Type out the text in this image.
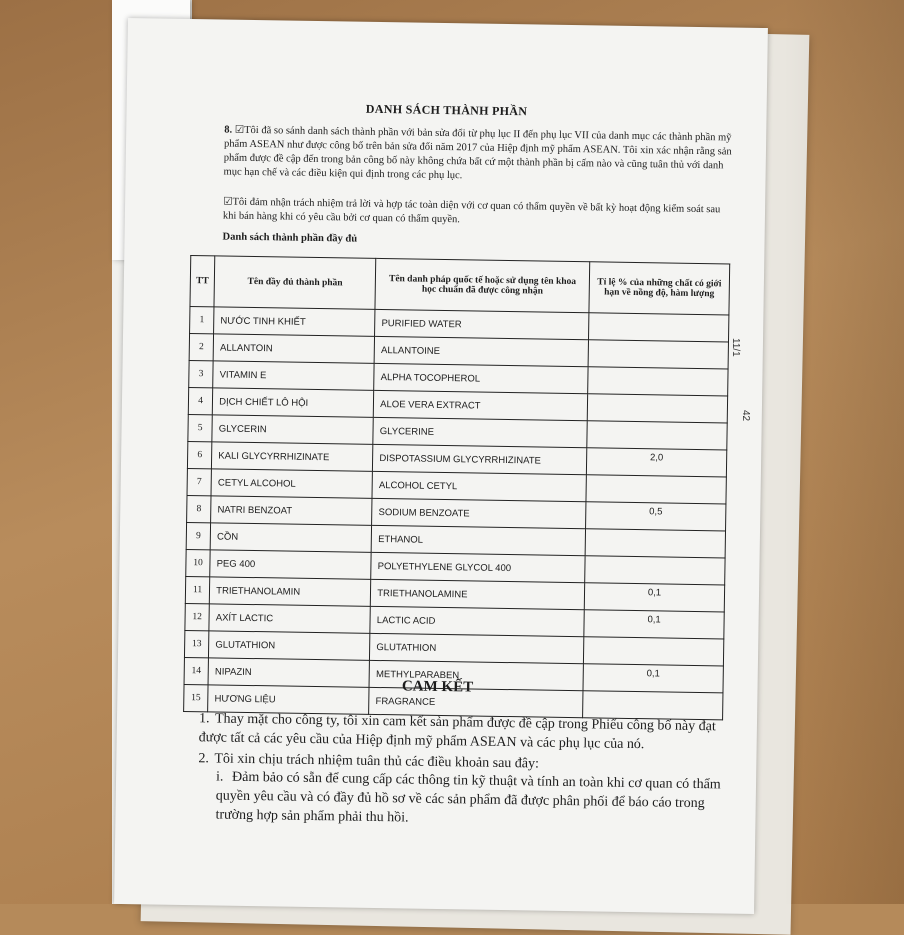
DANH SÁCH THÀNH PHẦN
8. ☑Tôi đã so sánh danh sách thành phần với bản sửa đổi từ phụ lục II đến phụ lục VII của danh mục các thành phần mỹ phẩm ASEAN như được công bố trên bản sửa đổi năm 2017 của Hiệp định mỹ phẩm ASEAN. Tôi xin xác nhận rằng sản phẩm được đề cập đến trong bản công bố này không chứa bất cứ một thành phần bị cấm nào và cũng tuân thủ với danh mục hạn chế và các điều kiện qui định trong các phụ lục.
☑Tôi đảm nhận trách nhiệm trả lời và hợp tác toàn diện với cơ quan có thẩm quyền về bất kỳ hoạt động kiểm soát sau khi bán hàng khi có yêu cầu bởi cơ quan có thẩm quyền.
Danh sách thành phần đầy đủ
TT	Tên đầy đủ thành phần	Tên danh pháp quốc tế hoặc sử dụng tên khoa học chuẩn đã được công nhận	Tỉ lệ % của những chất có giới hạn về nồng độ, hàm lượng
1	NƯỚC TINH KHIẾT	PURIFIED WATER	
2	ALLANTOIN	ALLANTOINE	
3	VITAMIN E	ALPHA TOCOPHEROL	
4	DỊCH CHIẾT LÔ HỘI	ALOE VERA EXTRACT	
5	GLYCERIN	GLYCERINE	
6	KALI GLYCYRRHIZINATE	DISPOTASSIUM GLYCYRRHIZINATE	2,0
7	CETYL ALCOHOL	ALCOHOL CETYL	
8	NATRI BENZOAT	SODIUM BENZOATE	0,5
9	CỒN	ETHANOL	
10	PEG 400	POLYETHYLENE GLYCOL 400	
11	TRIETHANOLAMIN	TRIETHANOLAMINE	0,1
12	AXÍT LACTIC	LACTIC ACID	0,1
13	GLUTATHION	GLUTATHION	
14	NIPAZIN	METHYLPARABEN	0,1
15	HƯƠNG LIỆU	FRAGRANCE	
CAM KẾT
1. Thay mặt cho công ty, tôi xin cam kết sản phẩm được đề cập trong Phiếu công bố này đạt được tất cả các yêu cầu của Hiệp định mỹ phẩm ASEAN và các phụ lục của nó.
2. Tôi xin chịu trách nhiệm tuân thủ các điều khoản sau đây:
i. Đảm bảo có sẵn để cung cấp các thông tin kỹ thuật và tính an toàn khi cơ quan có thẩm quyền yêu cầu và có đầy đủ hồ sơ về các sản phẩm đã được phân phối để báo cáo trong trường hợp sản phẩm phải thu hồi.
11/1
42
